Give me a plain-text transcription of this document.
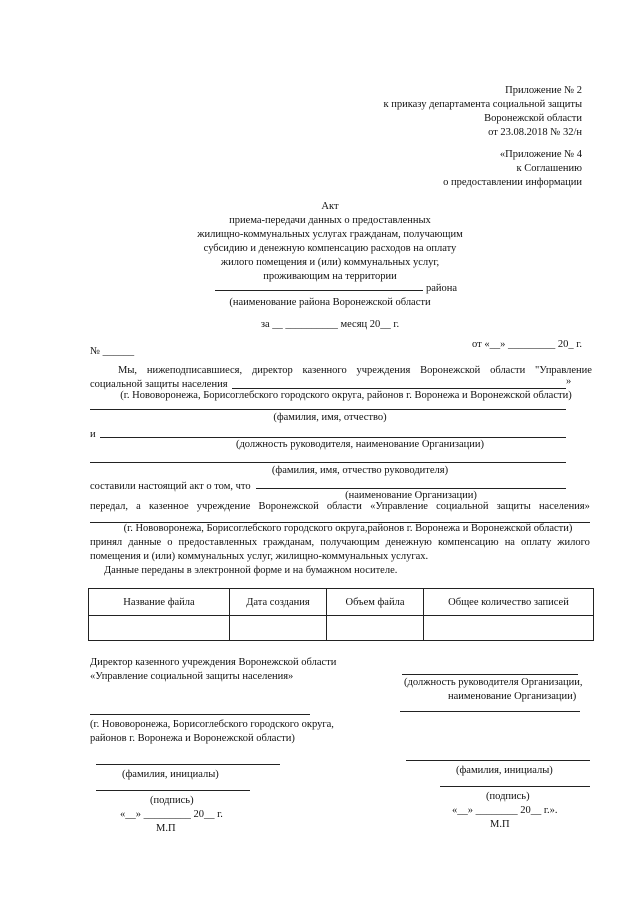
Приложение № 2
к приказу департамента социальной защиты
Воронежской области
от 23.08.2018 № 32/н
«Приложение № 4
к Соглашению
о предоставлении информации
Акт
приема-передачи данных о предоставленных
жилищно-коммунальных услугах гражданам, получающим
субсидию и денежную компенсацию расходов на оплату
жилого помещения и (или) коммунальных услуг,
проживающим на территории
района
(наименование района Воронежской области
за __ __________ месяц 20__ г.
№ ______
от «__» _________ 20_ г.
Мы, нижеподписавшиеся, директор казенного учреждения Воронежской области "Управление
социальной защиты населения	»
(г. Нововоронежа, Борисоглебского городского округа, районов г. Воронежа и Воронежской области)
(фамилия, имя, отчество)
и
(должность руководителя, наименование Организации)
(фамилия, имя, отчество руководителя)
составили настоящий акт о том, что
(наименование Организации)
передал, а казенное учреждение Воронежской области «Управление социальной защиты населения»
(г. Нововоронежа, Борисоглебского городского округа,районов г. Воронежа и Воронежской области)
принял данные о предоставленных гражданам, получающим денежную компенсацию на оплату жилого
помещения и (или) коммунальных услуг, жилищно-коммунальных услугах.
Данные переданы в электронной форме и на бумажном носителе.
Название файла	Дата создания	Объем файла	Общее количество записей

Директор казенного учреждения Воронежской области
«Управление социальной защиты населения»
(г. Нововоронежа, Борисоглебского городского округа,
районов г. Воронежа и Воронежской области)
(фамилия, инициалы)
(подпись)
«__» _________ 20__ г.
М.П
(должность руководителя Организации,
наименование Организации)
(фамилия, инициалы)
(подпись)
«__» ________ 20__ г.».
М.П
